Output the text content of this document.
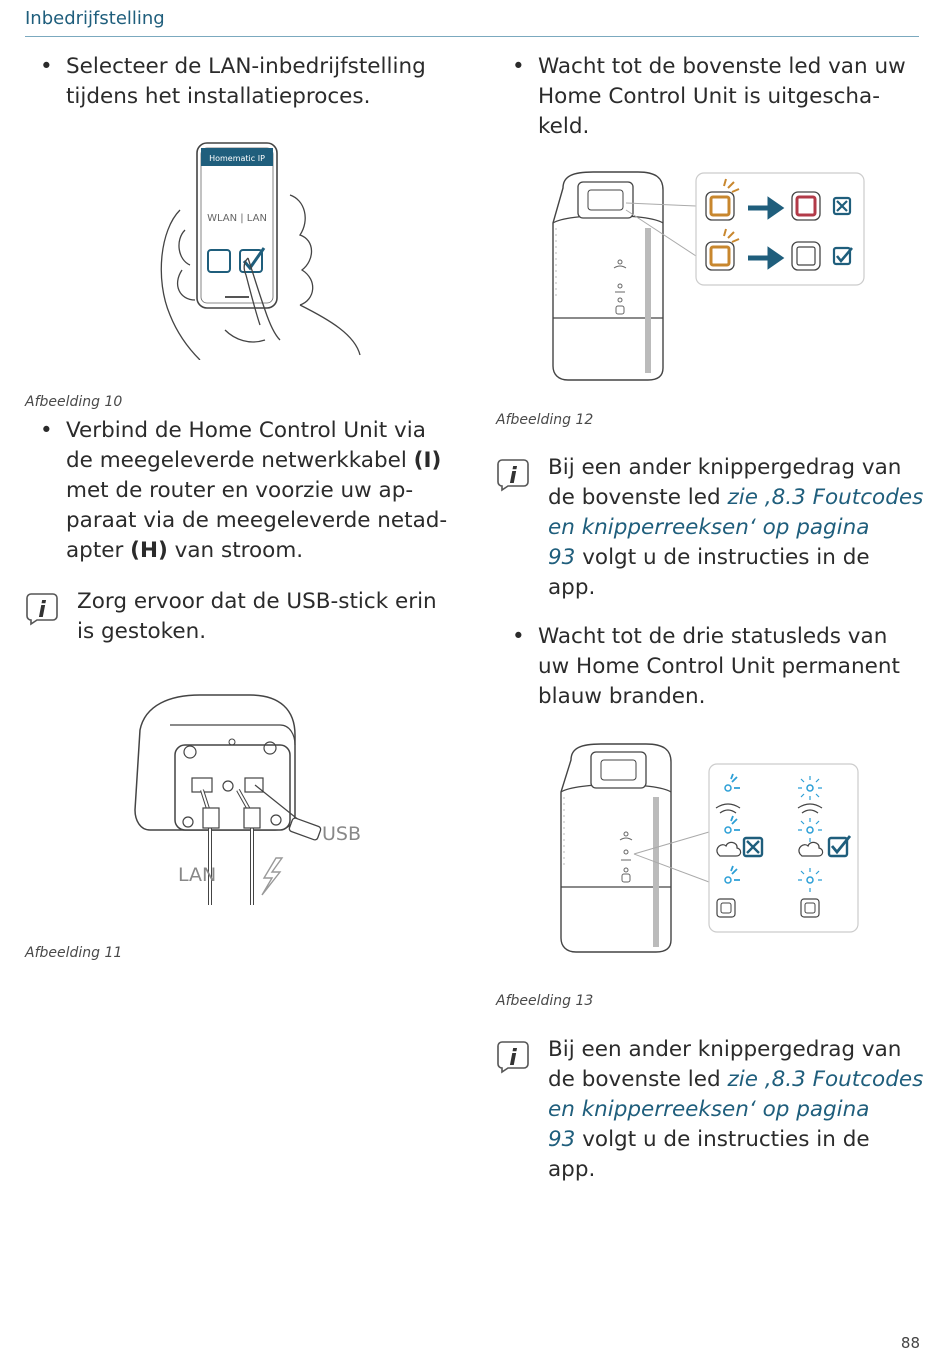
Inbedrijfstelling
• Selecteer de LAN-inbedrijfstelling
tijdens het installatieproces.
Homematic IP
WLAN | LAN
Afbeelding 10
• Verbind de Home Control Unit via
de meegeleverde netwerkkabel (I)
met de router en voorzie uw ap-
paraat via de meegeleverde netad-
apter (H) van stroom.
i Zorg ervoor dat de USB-stick erin
is gestoken.
USB
LAN
Afbeelding 11
• Wacht tot de bovenste led van uw
Home Control Unit is uitgescha-
keld.
Afbeelding 12
i Bij een ander knippergedrag van
de bovenste led zie ‚8.3 Foutcodes
en knipperreeksen‘ op pagina
93 volgt u de instructies in de
app.
• Wacht tot de drie statusleds van
uw Home Control Unit permanent
blauw branden.
Afbeelding 13
i Bij een ander knippergedrag van
de bovenste led zie ‚8.3 Foutcodes
en knipperreeksen‘ op pagina
93 volgt u de instructies in de
app.
88
